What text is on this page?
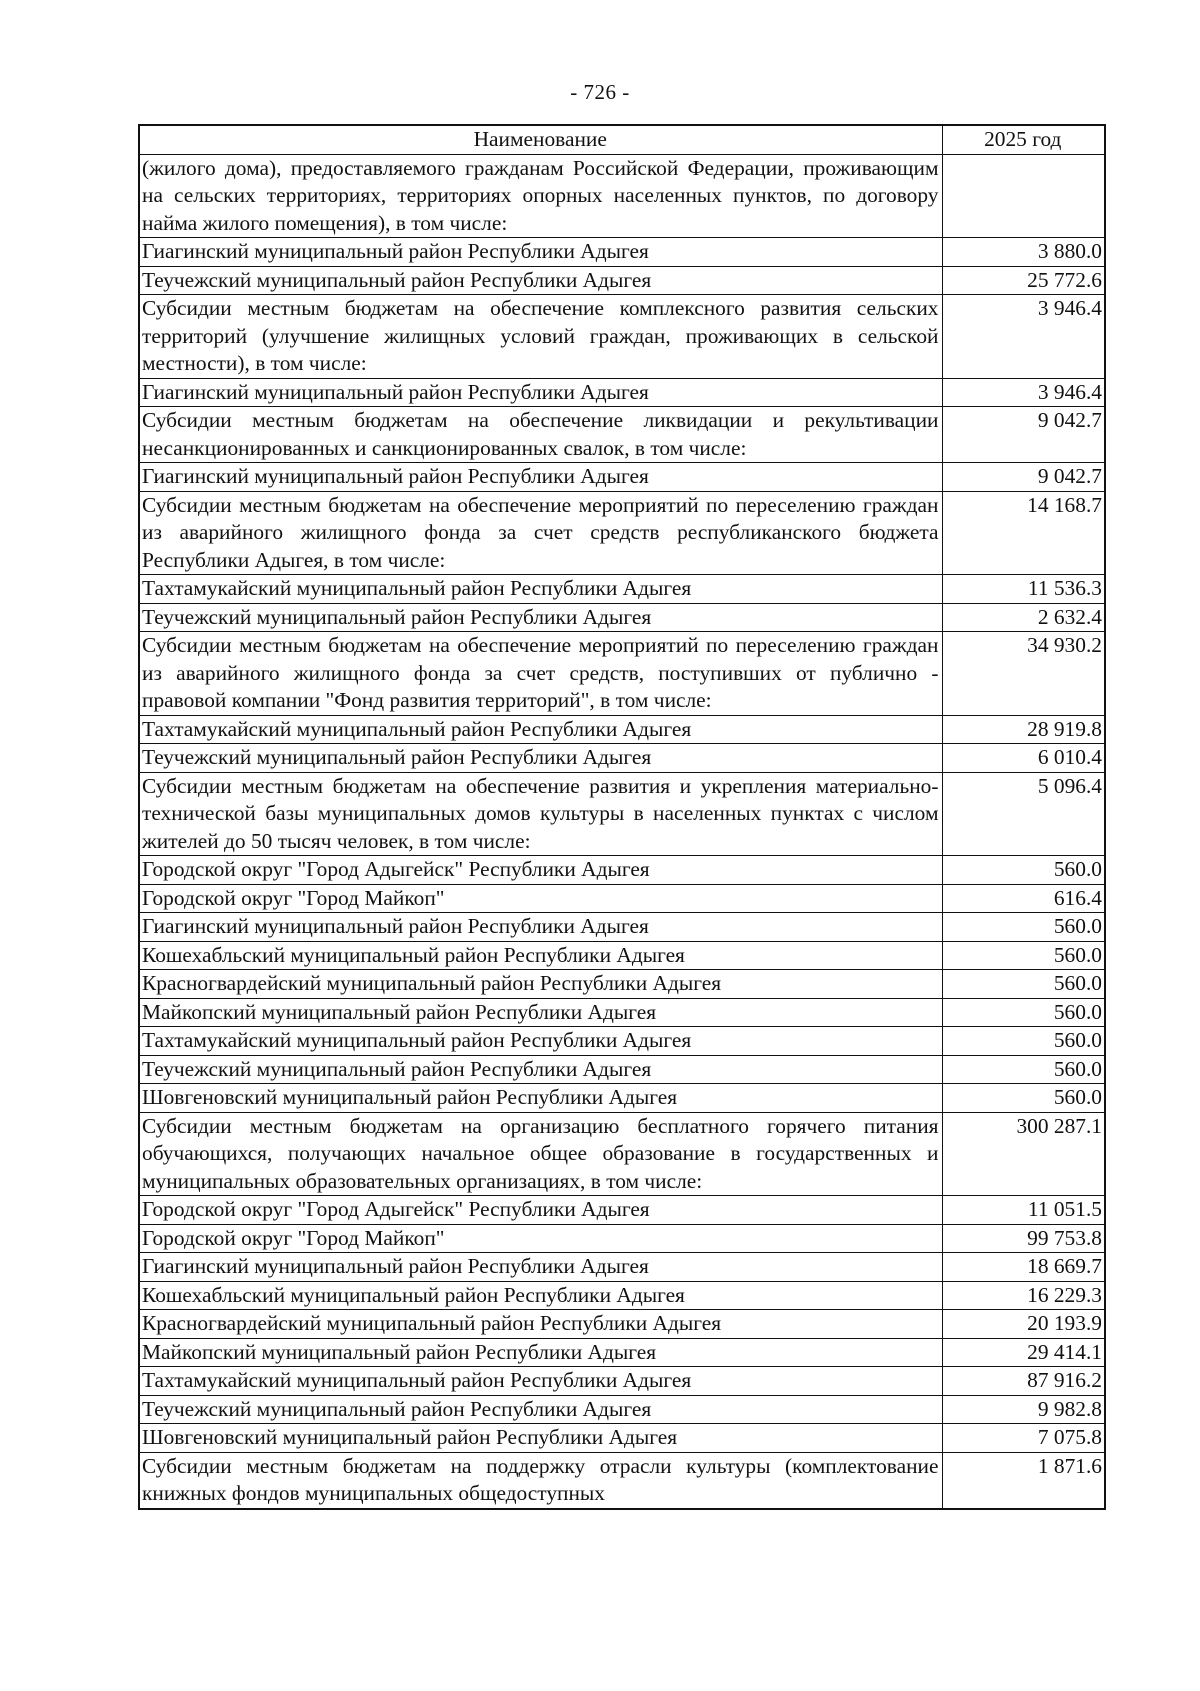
- 726 -
Наименование	2025 год
(жилого дома), предоставляемого гражданам Российской Федерации, проживающим на сельских территориях, территориях опорных населенных пунктов, по договору найма жилого помещения), в том числе:	
Гиагинский муниципальный район Республики Адыгея	3 880.0
Теучежский муниципальный район Республики Адыгея	25 772.6
Субсидии местным бюджетам на обеспечение комплексного развития сельских территорий (улучшение жилищных условий граждан, проживающих в сельской местности), в том числе:	3 946.4
Гиагинский муниципальный район Республики Адыгея	3 946.4
Субсидии местным бюджетам на обеспечение ликвидации и рекультивации несанкционированных и санкционированных свалок, в том числе:	9 042.7
Гиагинский муниципальный район Республики Адыгея	9 042.7
Субсидии местным бюджетам на обеспечение мероприятий по переселению граждан из аварийного жилищного фонда за счет средств республиканского бюджета Республики Адыгея, в том числе:	14 168.7
Тахтамукайский муниципальный район Республики Адыгея	11 536.3
Теучежский муниципальный район Республики Адыгея	2 632.4
Субсидии местным бюджетам на обеспечение мероприятий по переселению граждан из аварийного жилищного фонда за счет средств, поступивших от публично - правовой компании "Фонд развития территорий", в том числе:	34 930.2
Тахтамукайский муниципальный район Республики Адыгея	28 919.8
Теучежский муниципальный район Республики Адыгея	6 010.4
Субсидии местным бюджетам на обеспечение развития и укрепления материально-технической базы муниципальных домов культуры в населенных пунктах с числом жителей до 50 тысяч человек, в том числе:	5 096.4
Городской округ "Город Адыгейск" Республики Адыгея	560.0
Городской округ "Город Майкоп"	616.4
Гиагинский муниципальный район Республики Адыгея	560.0
Кошехабльский муниципальный район Республики Адыгея	560.0
Красногвардейский муниципальный район Республики Адыгея	560.0
Майкопский муниципальный район Республики Адыгея	560.0
Тахтамукайский муниципальный район Республики Адыгея	560.0
Теучежский муниципальный район Республики Адыгея	560.0
Шовгеновский муниципальный район Республики Адыгея	560.0
Субсидии местным бюджетам на организацию бесплатного горячего питания обучающихся, получающих начальное общее образование в государственных и муниципальных образовательных организациях, в том числе:	300 287.1
Городской округ "Город Адыгейск" Республики Адыгея	11 051.5
Городской округ "Город Майкоп"	99 753.8
Гиагинский муниципальный район Республики Адыгея	18 669.7
Кошехабльский муниципальный район Республики Адыгея	16 229.3
Красногвардейский муниципальный район Республики Адыгея	20 193.9
Майкопский муниципальный район Республики Адыгея	29 414.1
Тахтамукайский муниципальный район Республики Адыгея	87 916.2
Теучежский муниципальный район Республики Адыгея	9 982.8
Шовгеновский муниципальный район Республики Адыгея	7 075.8
Субсидии местным бюджетам на поддержку отрасли культуры (комплектование книжных фондов муниципальных общедоступных	1 871.6
